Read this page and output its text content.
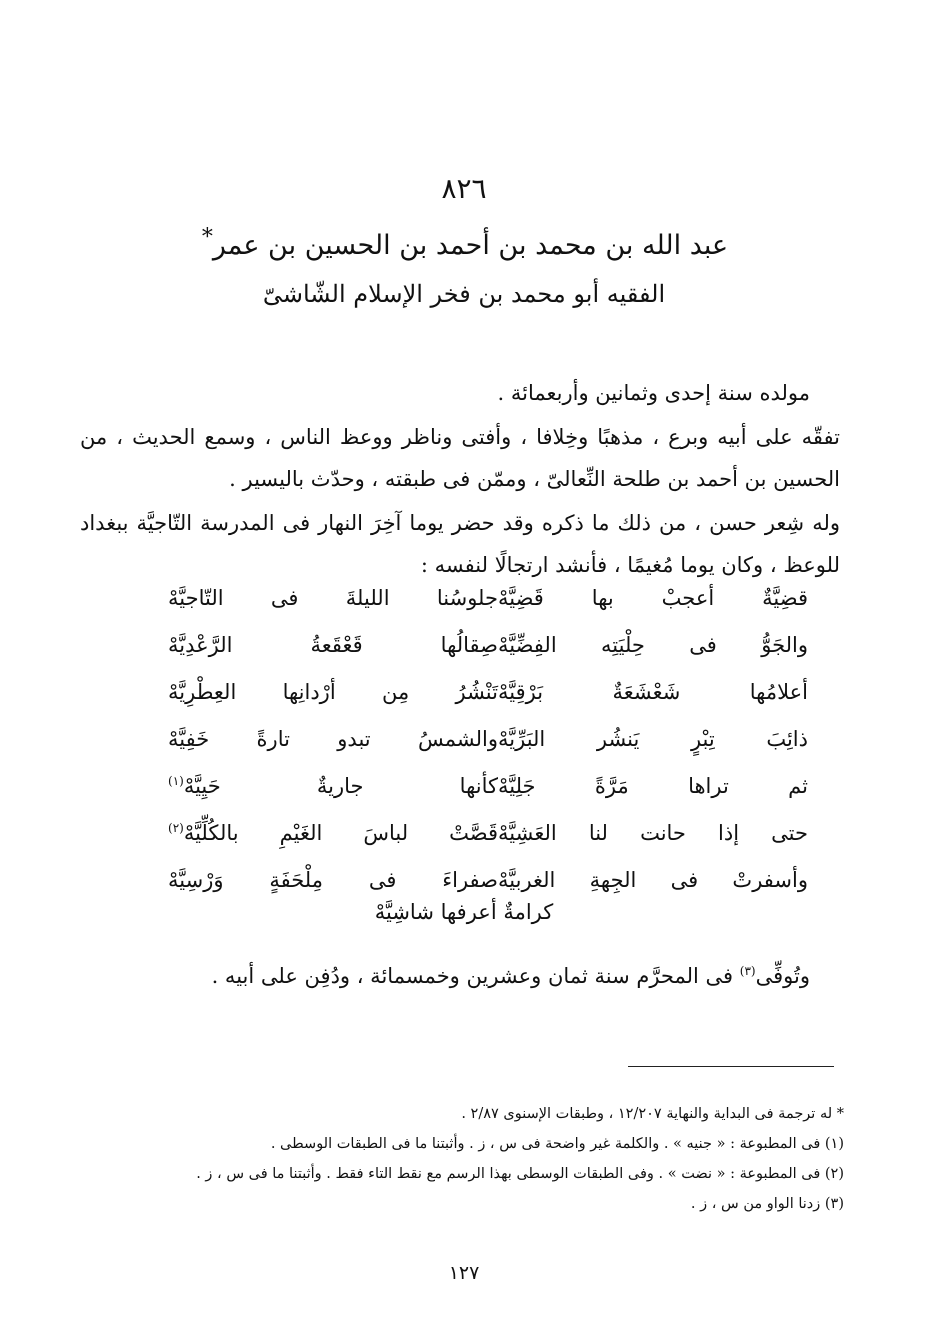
٨٢٦
عبد الله بن محمد بن أحمد بن الحسين بن عمر*
الفقيه أبو محمد بن فخر الإسلام الشّاشىّ
مولده سنة إحدى وثمانين وأربعمائة .
تفقّه على أبيه وبرع ، مذهبًا وخِلافا ، وأفتى وناظر ووعظ الناس ، وسمع الحديث ، من الحسين بن أحمد بن طلحة النِّعالىّ ، وممّن فى طبقته ، وحدّث باليسير .
وله شِعر حسن ، من ذلك ما ذكره وقد حضر يوما آخِرَ النهار فى المدرسة التّاجيَّة ببغداد للوعظ ، وكان يوما مُغيمًا ، فأنشد ارتجالًا لنفسه :
قضِيَّةٌ أعجبْ بها قَضِيَّهْ
جلوسُنا الليلةَ فى التّاجيَّهْ
والجَوُّ فى حِلْيَتِه الفِضِّيَّهْ
صِقالُها قَعْقَعةُ الرَّعْدِيَّهْ
أعلامُها شَعْشَعَةٌ بَرْقِيَّهْ
تَنْشُرُ مِن أرْدانِها العِطْرِيَّهْ
ذائِبَ تِبْرٍ يَنشُر البَرِّيَّهْ
والشمسُ تبدو تارةً خَفِيَّهْ
ثم تراها مَرَّةً جَلِيَّهْ
كأنها جاريةٌ حَيِيَّهْ$^{(١)}$
حتى إذا حانت لنا العَشِيَّهْ
قَصَّتْ لباسَ الغَيْمِ بالكُلِّيَّهْ$^{(٢)}$
وأسفرتْ فى الجِهةِ الغربيَّهْ
صفراءَ فى مِلْحَفَةٍ وَرْسِيَّهْ
كرامةٌ أعرفها شاشِيَّهْ
وتُوفِّى$^{(٣)}$ فى المحرَّم سنة ثمان وعشرين وخمسمائة ، ودُفِن على أبيه .
* له ترجمة فى البداية والنهاية ١٢/٢٠٧ ، وطبقات الإسنوى ٢/٨٧ .
(١) فى المطبوعة : « جنيه » . والكلمة غير واضحة فى س ، ز . وأثبتنا ما فى الطبقات الوسطى .
(٢) فى المطبوعة : « نضت » . وفى الطبقات الوسطى بهذا الرسم مع نقط التاء فقط . وأثبتنا ما فى س ، ز .
(٣) زدنا الواو من س ، ز .
١٢٧
